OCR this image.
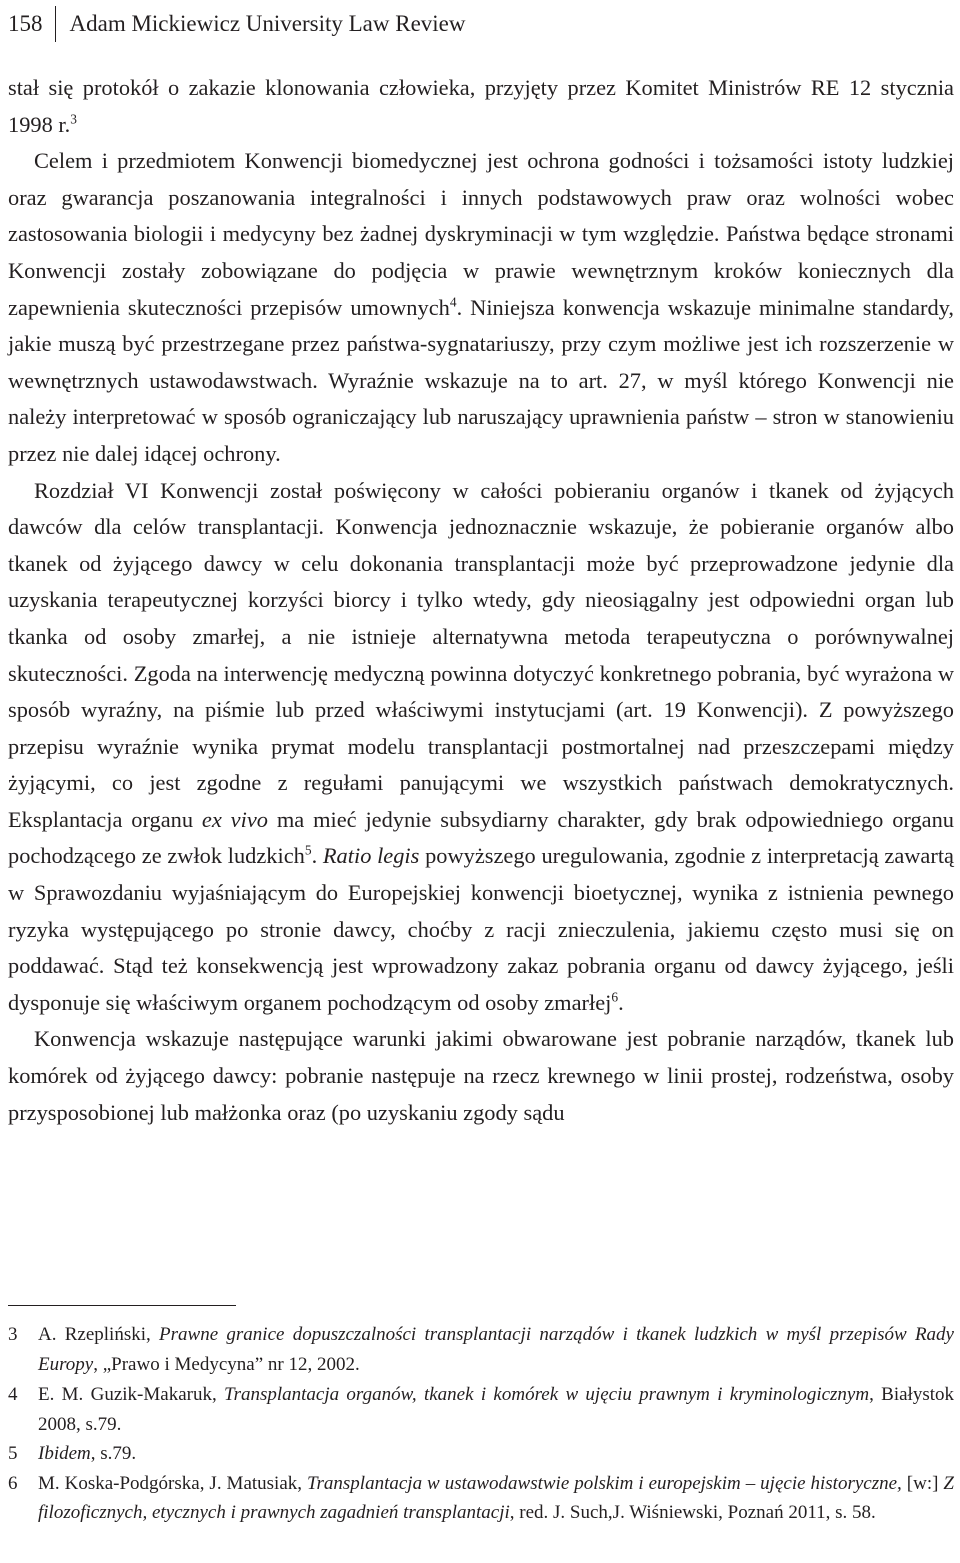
158	Adam Mickiewicz University Law Review

stał się protokół o zakazie klonowania człowieka, przyjęty przez Komitet Ministrów RE 12 stycznia 1998 r.$^3$

Celem i przedmiotem Konwencji biomedycznej jest ochrona godności i tożsamości istoty ludzkiej oraz gwarancja poszanowania integralności i innych podstawowych praw oraz wolności wobec zastosowania biologii i medycyny bez żadnej dyskryminacji w tym względzie. Państwa będące stronami Konwencji zostały zobowiązane do podjęcia w prawie wewnętrznym kroków koniecznych dla zapewnienia skuteczności przepisów umownych$^4$. Niniejsza konwencja wskazuje minimalne standardy, jakie muszą być przestrzegane przez państwa-sygnatariuszy, przy czym możliwe jest ich rozszerzenie w wewnętrznych ustawodawstwach. Wyraźnie wskazuje na to art. 27, w myśl którego Konwencji nie należy interpretować w sposób ograniczający lub naruszający uprawnienia państw – stron w stanowieniu przez nie dalej idącej ochrony.

Rozdział VI Konwencji został poświęcony w całości pobieraniu organów i tkanek od żyjących dawców dla celów transplantacji. Konwencja jednoznacznie wskazuje, że pobieranie organów albo tkanek od żyjącego dawcy w celu dokonania transplantacji może być przeprowadzone jedynie dla uzyskania terapeutycznej korzyści biorcy i tylko wtedy, gdy nieosiągalny jest odpowiedni organ lub tkanka od osoby zmarłej, a nie istnieje alternatywna metoda terapeutyczna o porównywalnej skuteczności. Zgoda na interwencję medyczną powinna dotyczyć konkretnego pobrania, być wyrażona w sposób wyraźny, na piśmie lub przed właściwymi instytucjami (art. 19 Konwencji). Z powyższego przepisu wyraźnie wynika prymat modelu transplantacji postmortalnej nad przeszczepami między żyjącymi, co jest zgodne z regułami panującymi we wszystkich państwach demokratycznych. Eksplantacja organu ex vivo ma mieć jedynie subsydiarny charakter, gdy brak odpowiedniego organu pochodzącego ze zwłok ludzkich$^5$. Ratio legis powyższego uregulowania, zgodnie z interpretacją zawartą w Sprawozdaniu wyjaśniającym do Europejskiej konwencji bioetycznej, wynika z istnienia pewnego ryzyka występującego po stronie dawcy, choćby z racji znieczulenia, jakiemu często musi się on poddawać. Stąd też konsekwencją jest wprowadzony zakaz pobrania organu od dawcy żyjącego, jeśli dysponuje się właściwym organem pochodzącym od osoby zmarłej$^6$.

Konwencja wskazuje następujące warunki jakimi obwarowane jest pobranie narządów, tkanek lub komórek od żyjącego dawcy: pobranie następuje na rzecz krewnego w linii prostej, rodzeństwa, osoby przysposobionej lub małżonka oraz (po uzyskaniu zgody sądu

3 A. Rzepliński, Prawne granice dopuszczalności transplantacji narządów i tkanek ludzkich w myśl przepisów Rady Europy, „Prawo i Medycyna” nr 12, 2002.
4 E. M. Guzik-Makaruk, Transplantacja organów, tkanek i komórek w ujęciu prawnym i kryminologicznym, Białystok 2008, s.79.
5 Ibidem, s.79.
6 M. Koska-Podgórska, J. Matusiak, Transplantacja w ustawodawstwie polskim i europejskim – ujęcie historyczne, [w:] Z filozoficznych, etycznych i prawnych zagadnień transplantacji, red. J. Such,J. Wiśniewski, Poznań 2011, s. 58.
